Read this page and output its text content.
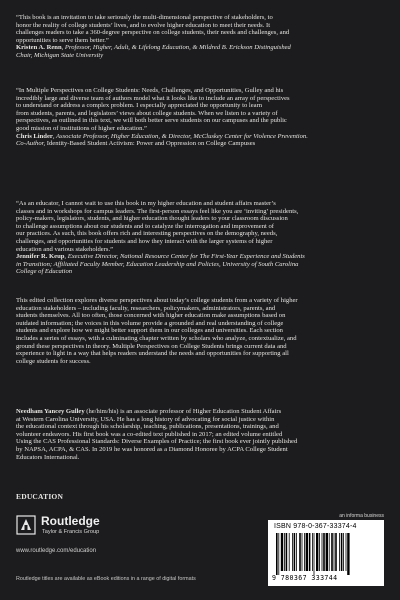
“This book is an invitation to take seriously the multi-dimensional perspective of stakeholders, to

honor the reality of college students’ lives, and to evolve higher education to meet their needs. It

challenges readers to take a 360-degree perspective on college students, their needs and challenges, and

opportunities to serve them better.”

Kristen A. Renn, Professor, Higher, Adult, & Lifelong Education, & Mildred B. Erickson Distinguished

Chair, Michigan State University

“In Multiple Perspectives on College Students: Needs, Challenges, and Opportunities, Gulley and his

incredibly large and diverse team of authors model what it looks like to include an array of perspectives

to understand or address a complex problem. I especially appreciated the opportunity to learn

from students, parents, and legislators’ views about college students. When we listen to a variety of

perspectives, as outlined in this text, we will both better serve students on our campuses and the public

good mission of institutions of higher education.”

Chris Linder, Associate Professor, Higher Education, & Director, McCluskey Center for Violence Prevention.

Co-Author, Identity-Based Student Activism: Power and Oppression on College Campuses

“As an educator, I cannot wait to use this book in my higher education and student affairs master’s

classes and in workshops for campus leaders. The first-person essays feel like you are ‘inviting’ presidents,

policy-makers, legislators, students, and higher education thought leaders to your classroom discussion

to challenge assumptions about our students and to catalyze the interrogation and improvement of

our practices. As such, this book offers rich and interesting perspectives on the demography, needs,

challenges, and opportunities for students and how they interact with the larger systems of higher

education and various stakeholders.”

Jennifer R. Keup, Executive Director, National Resource Center for The First-Year Experience and Students

in Transition; Affiliated Faculty Member, Education Leadership and Policies, University of South Carolina

College of Education

This edited collection explores diverse perspectives about today’s college students from a variety of higher
education stakeholders – including faculty, researchers, policymakers, administrators, parents, and
students themselves. All too often, those concerned with higher education make assumptions based on
outdated information; the voices in this volume provide a grounded and real understanding of college
students and explore how we might better support them in our colleges and universities. Each section
includes a series of essays, with a culminating chapter written by scholars who analyze, contextualize, and
ground these perspectives in theory. Multiple Perspectives on College Students brings current data and
experience to light in a way that helps readers understand the needs and opportunities for supporting all
college students for success.
Needham Yancey Gulley (he/him/his) is an associate professor of Higher Education Student Affairs
at Western Carolina University, USA. He has a long history of advocating for social justice within
the educational context through his scholarship, teaching, publications, presentations, trainings, and
volunteer endeavors. His first book was a co-edited text published in 2017; an edited volume entitled
Using the CAS Professional Standards: Diverse Examples of Practice; the first book ever jointly published
by NAPSA, ACPA, & CAS. In 2019 he was honored as a Diamond Honoree by ACPA College Student
Educators International.
EDUCATION
Routledge
Taylor & Francis Group
www.routledge.com/education
Routledge titles are available as eBook editions in a range of digital formats
an informa business
ISBN 978-0-367-33374-4
9 780367 333744
